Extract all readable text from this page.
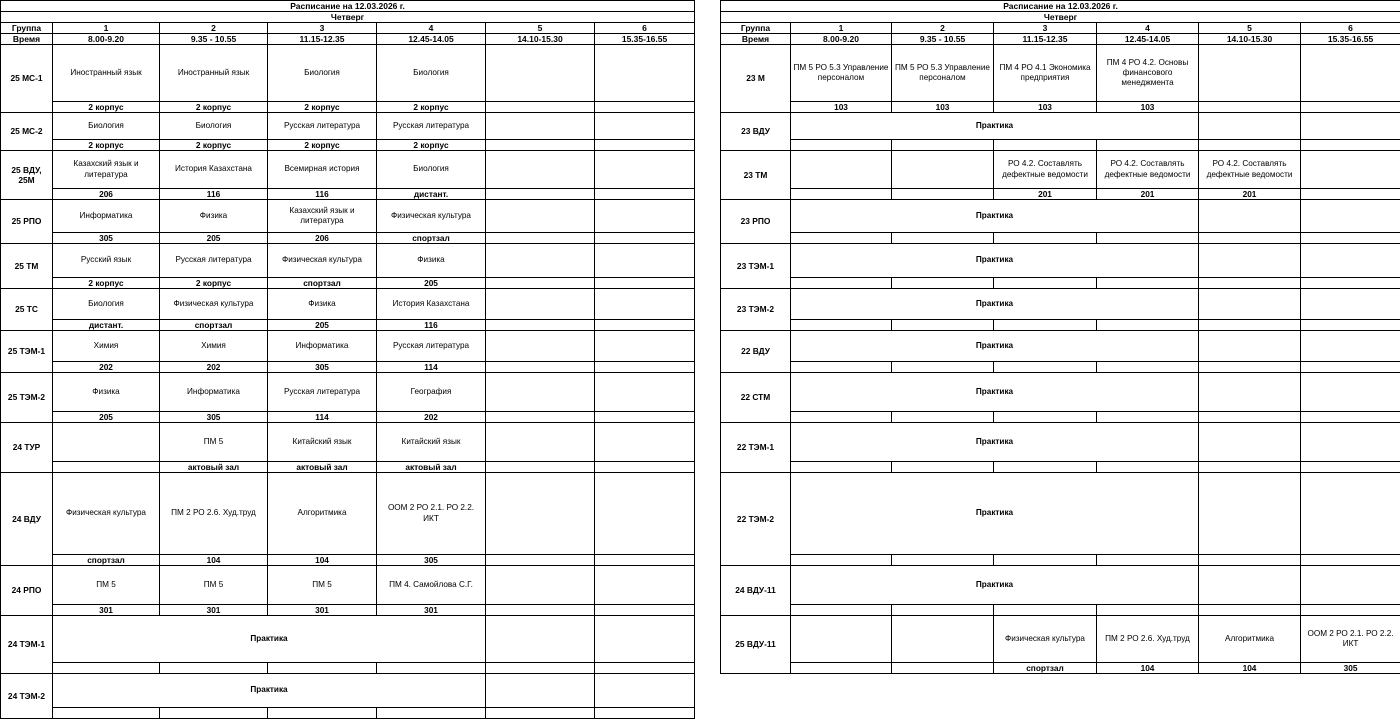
Расписание на 12.03.2026 г.						
Четверг						
Группа	1	2	3	4	5	6
Время	8.00-9.20	9.35 - 10.55	11.15-12.35	12.45-14.05	14.10-15.30	15.35-16.55
25 МС-1	Иностранный язык	Иностранный язык	Биология	Биология		
	2 корпус	2 корпус	2 корпус	2 корпус		
25 МС-2	Биология	Биология	Русская литература	Русская литература		
	2 корпус	2 корпус	2 корпус	2 корпус		
25 ВДУ, 25М	Казахский язык и литература	История Казахстана	Всемирная история	Биология		
	206	116	116	дистант.		
25 РПО	Информатика	Физика	Казахский язык и литература	Физическая культура		
	305	205	206	спортзал		
25 ТМ	Русский язык	Русская литература	Физическая культура	Физика		
	2 корпус	2 корпус	спортзал	205		
25 ТС	Биология	Физическая культура	Физика	История Казахстана		
	дистант.	спортзал	205	116		
25 ТЭМ-1	Химия	Химия	Информатика	Русская литература		
	202	202	305	114		
25 ТЭМ-2	Физика	Информатика	Русская литература	География		
	205	305	114	202		
24 ТУР		ПМ 5	Китайский язык	Китайский язык		
		актовый зал	актовый зал	актовый зал		
24 ВДУ	Физическая культура	ПМ 2 РО 2.6. Худ.труд	Алгоритмика	ООМ 2 РО 2.1. РО 2.2. ИКТ		
	спортзал	104	104	305		
24 РПО	ПМ 5	ПМ 5	ПМ 5	ПМ 4. Самойлова С.Г.		
	301	301	301	301		
24 ТЭМ-1	Практика					

24 ТЭМ-2	Практика					

Расписание на 12.03.2026 г.						
Четверг						
Группа	1	2	3	4	5	6
Время	8.00-9.20	9.35 - 10.55	11.15-12.35	12.45-14.05	14.10-15.30	15.35-16.55
23 М	ПМ 5 РО 5.3 Управление персоналом	ПМ 5 РО 5.3 Управление персоналом	ПМ 4 РО 4.1 Экономика предприятия	ПМ 4 РО 4.2. Основы финансового менеджмента		
	103	103	103	103		
23 ВДУ	Практика					

23 ТМ			РО 4.2. Составлять дефектные ведомости	РО 4.2. Составлять дефектные ведомости	РО 4.2. Составлять дефектные ведомости	
			201	201	201	
23 РПО	Практика					

23 ТЭМ-1	Практика					

23 ТЭМ-2	Практика					

22 ВДУ	Практика					

22 СТМ	Практика					

22 ТЭМ-1	Практика					

22 ТЭМ-2	Практика					

24 ВДУ-11	Практика					

25 ВДУ-11			Физическая культура	ПМ 2 РО 2.6. Худ.труд	Алгоритмика	ООМ 2 РО 2.1. РО 2.2. ИКТ
			спортзал	104	104	305
